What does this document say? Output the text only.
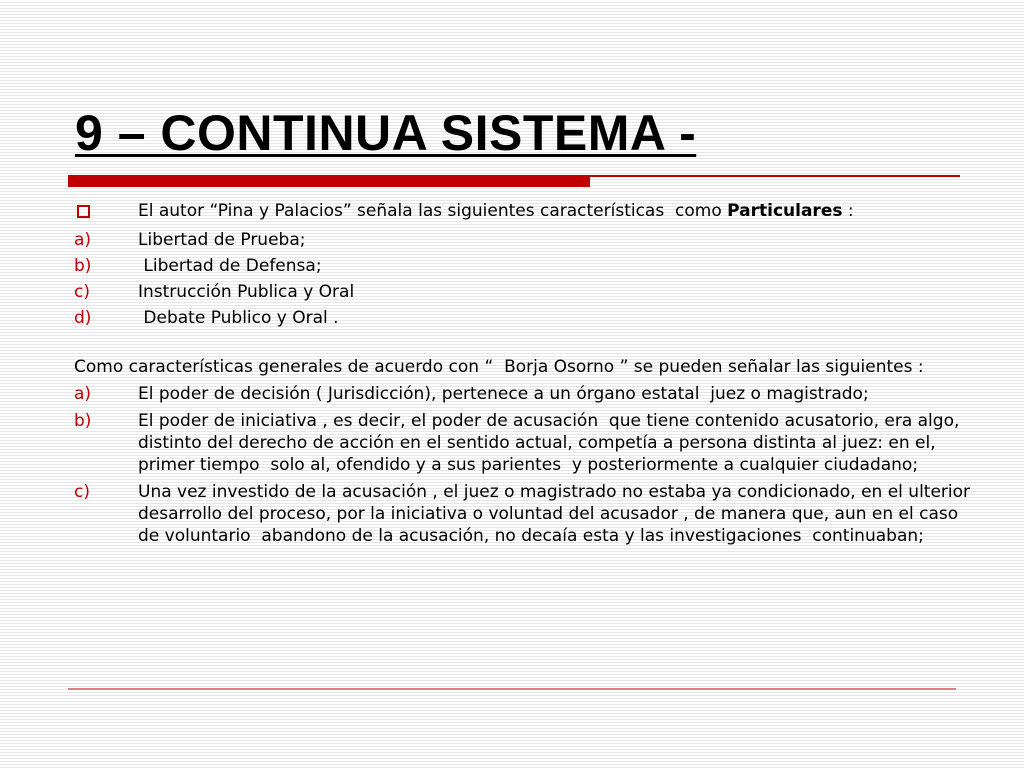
9 – CONTINUA SISTEMA -
El autor “Pina y Palacios” señala las siguientes características  como Particulares :
a)	Libertad de Prueba;
b)	Libertad de Defensa;
c)	Instrucción Publica y Oral
d)	Debate Publico y Oral .
Como características generales de acuerdo con “  Borja Osorno ” se pueden señalar las siguientes :
a)	El poder de decisión ( Jurisdicción), pertenece a un órgano estatal  juez o magistrado;
b)	El poder de iniciativa , es decir, el poder de acusación  que tiene contenido acusatorio, era algo, distinto del derecho de acción en el sentido actual, competía a persona distinta al juez: en el, primer tiempo  solo al, ofendido y a sus parientes  y posteriormente a cualquier ciudadano;
c)	Una vez investido de la acusación , el juez o magistrado no estaba ya condicionado, en el ulterior desarrollo del proceso, por la iniciativa o voluntad del acusador , de manera que, aun en el caso de voluntario  abandono de la acusación, no decaía esta y las investigaciones  continuaban;
